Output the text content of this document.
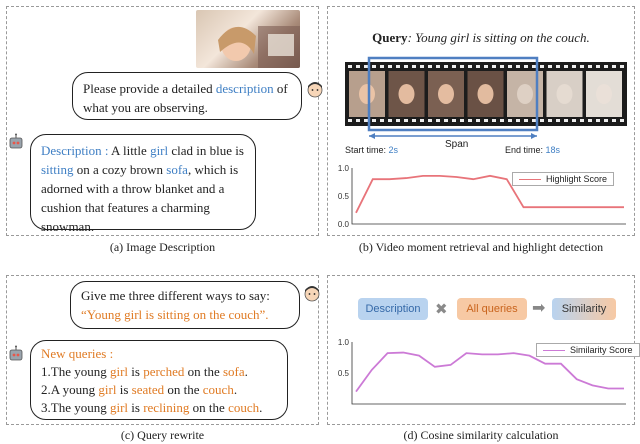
Please provide a detailed description of what you are observing.
Description : A little girl clad in blue is sitting on a cozy brown sofa, which is adorned with a throw blanket and a cushion that features a charming snowman.
(a) Image Description
Query: Young girl is sitting on the couch.
Start time: 2s	Span	End time: 18s
1.0
0.5
0.0
Highlight Score
(b) Video moment retrieval and highlight detection
Give me three different ways to say:
“Young girl is sitting on the couch”.
New queries :
1.The young girl is perched on the sofa.
2.A young girl is seated on the couch.
3.The young girl is reclining on the couch.
(c) Query rewrite
Description ✖	All queries ➡	Similarity
1.0
0.5
Similarity Score
(d) Cosine similarity calculation
